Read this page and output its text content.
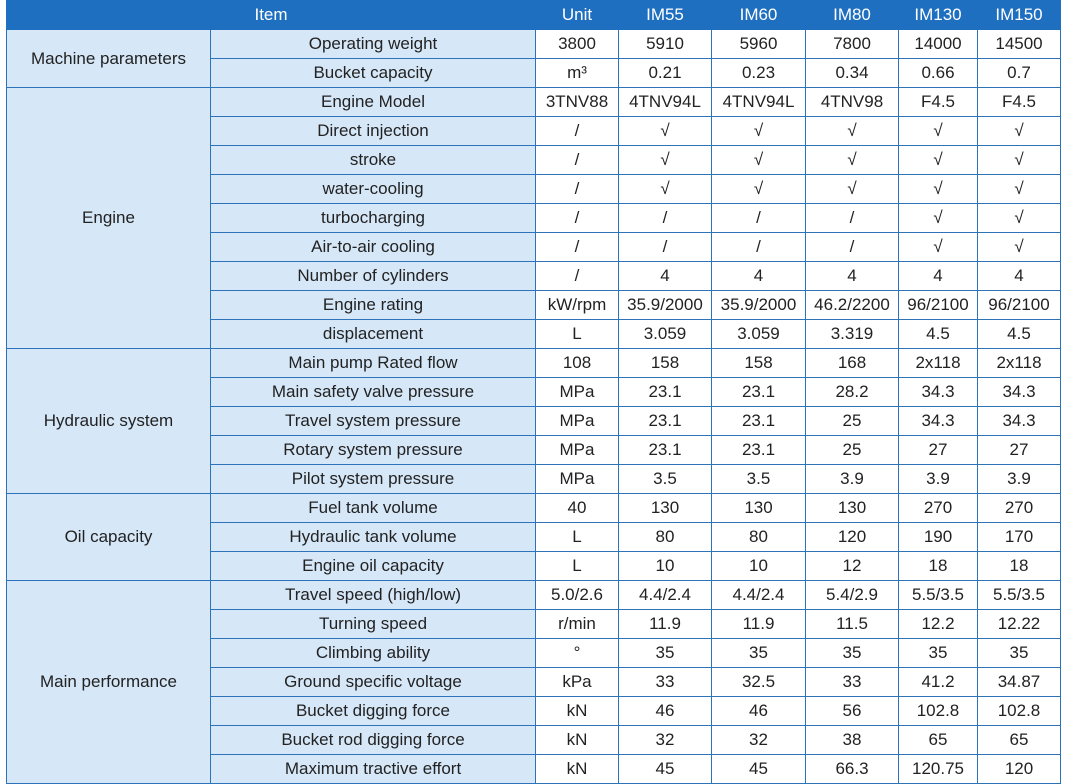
Item		Unit	IM55	IM60	IM80	IM130	IM150
Machine parameters	Operating weight	3800	5910	5960	7800	14000	14500
	Bucket capacity	m³	0.21	0.23	0.34	0.66	0.7
Engine	Engine Model	3TNV88	4TNV94L	4TNV94L	4TNV98	F4.5	F4.5
	Direct injection	/	√	√	√	√	√
	stroke	/	√	√	√	√	√
	water-cooling	/	√	√	√	√	√
	turbocharging	/	/	/	/	√	√
	Air-to-air cooling	/	/	/	/	√	√
	Number of cylinders	/	4	4	4	4	4
	Engine rating	kW/rpm	35.9/2000	35.9/2000	46.2/2200	96/2100	96/2100
	displacement	L	3.059	3.059	3.319	4.5	4.5
Hydraulic system	Main pump Rated flow	108	158	158	168	2x118	2x118
	Main safety valve pressure	MPa	23.1	23.1	28.2	34.3	34.3
	Travel system pressure	MPa	23.1	23.1	25	34.3	34.3
	Rotary system pressure	MPa	23.1	23.1	25	27	27
	Pilot system pressure	MPa	3.5	3.5	3.9	3.9	3.9
Oil capacity	Fuel tank volume	40	130	130	130	270	270
	Hydraulic tank volume	L	80	80	120	190	170
	Engine oil capacity	L	10	10	12	18	18
Main performance	Travel speed (high/low)	5.0/2.6	4.4/2.4	4.4/2.4	5.4/2.9	5.5/3.5	5.5/3.5
	Turning speed	r/min	11.9	11.9	11.5	12.2	12.22
	Climbing ability	°	35	35	35	35	35
	Ground specific voltage	kPa	33	32.5	33	41.2	34.87
	Bucket digging force	kN	46	46	56	102.8	102.8
	Bucket rod digging force	kN	32	32	38	65	65
	Maximum tractive effort	kN	45	45	66.3	120.75	120
